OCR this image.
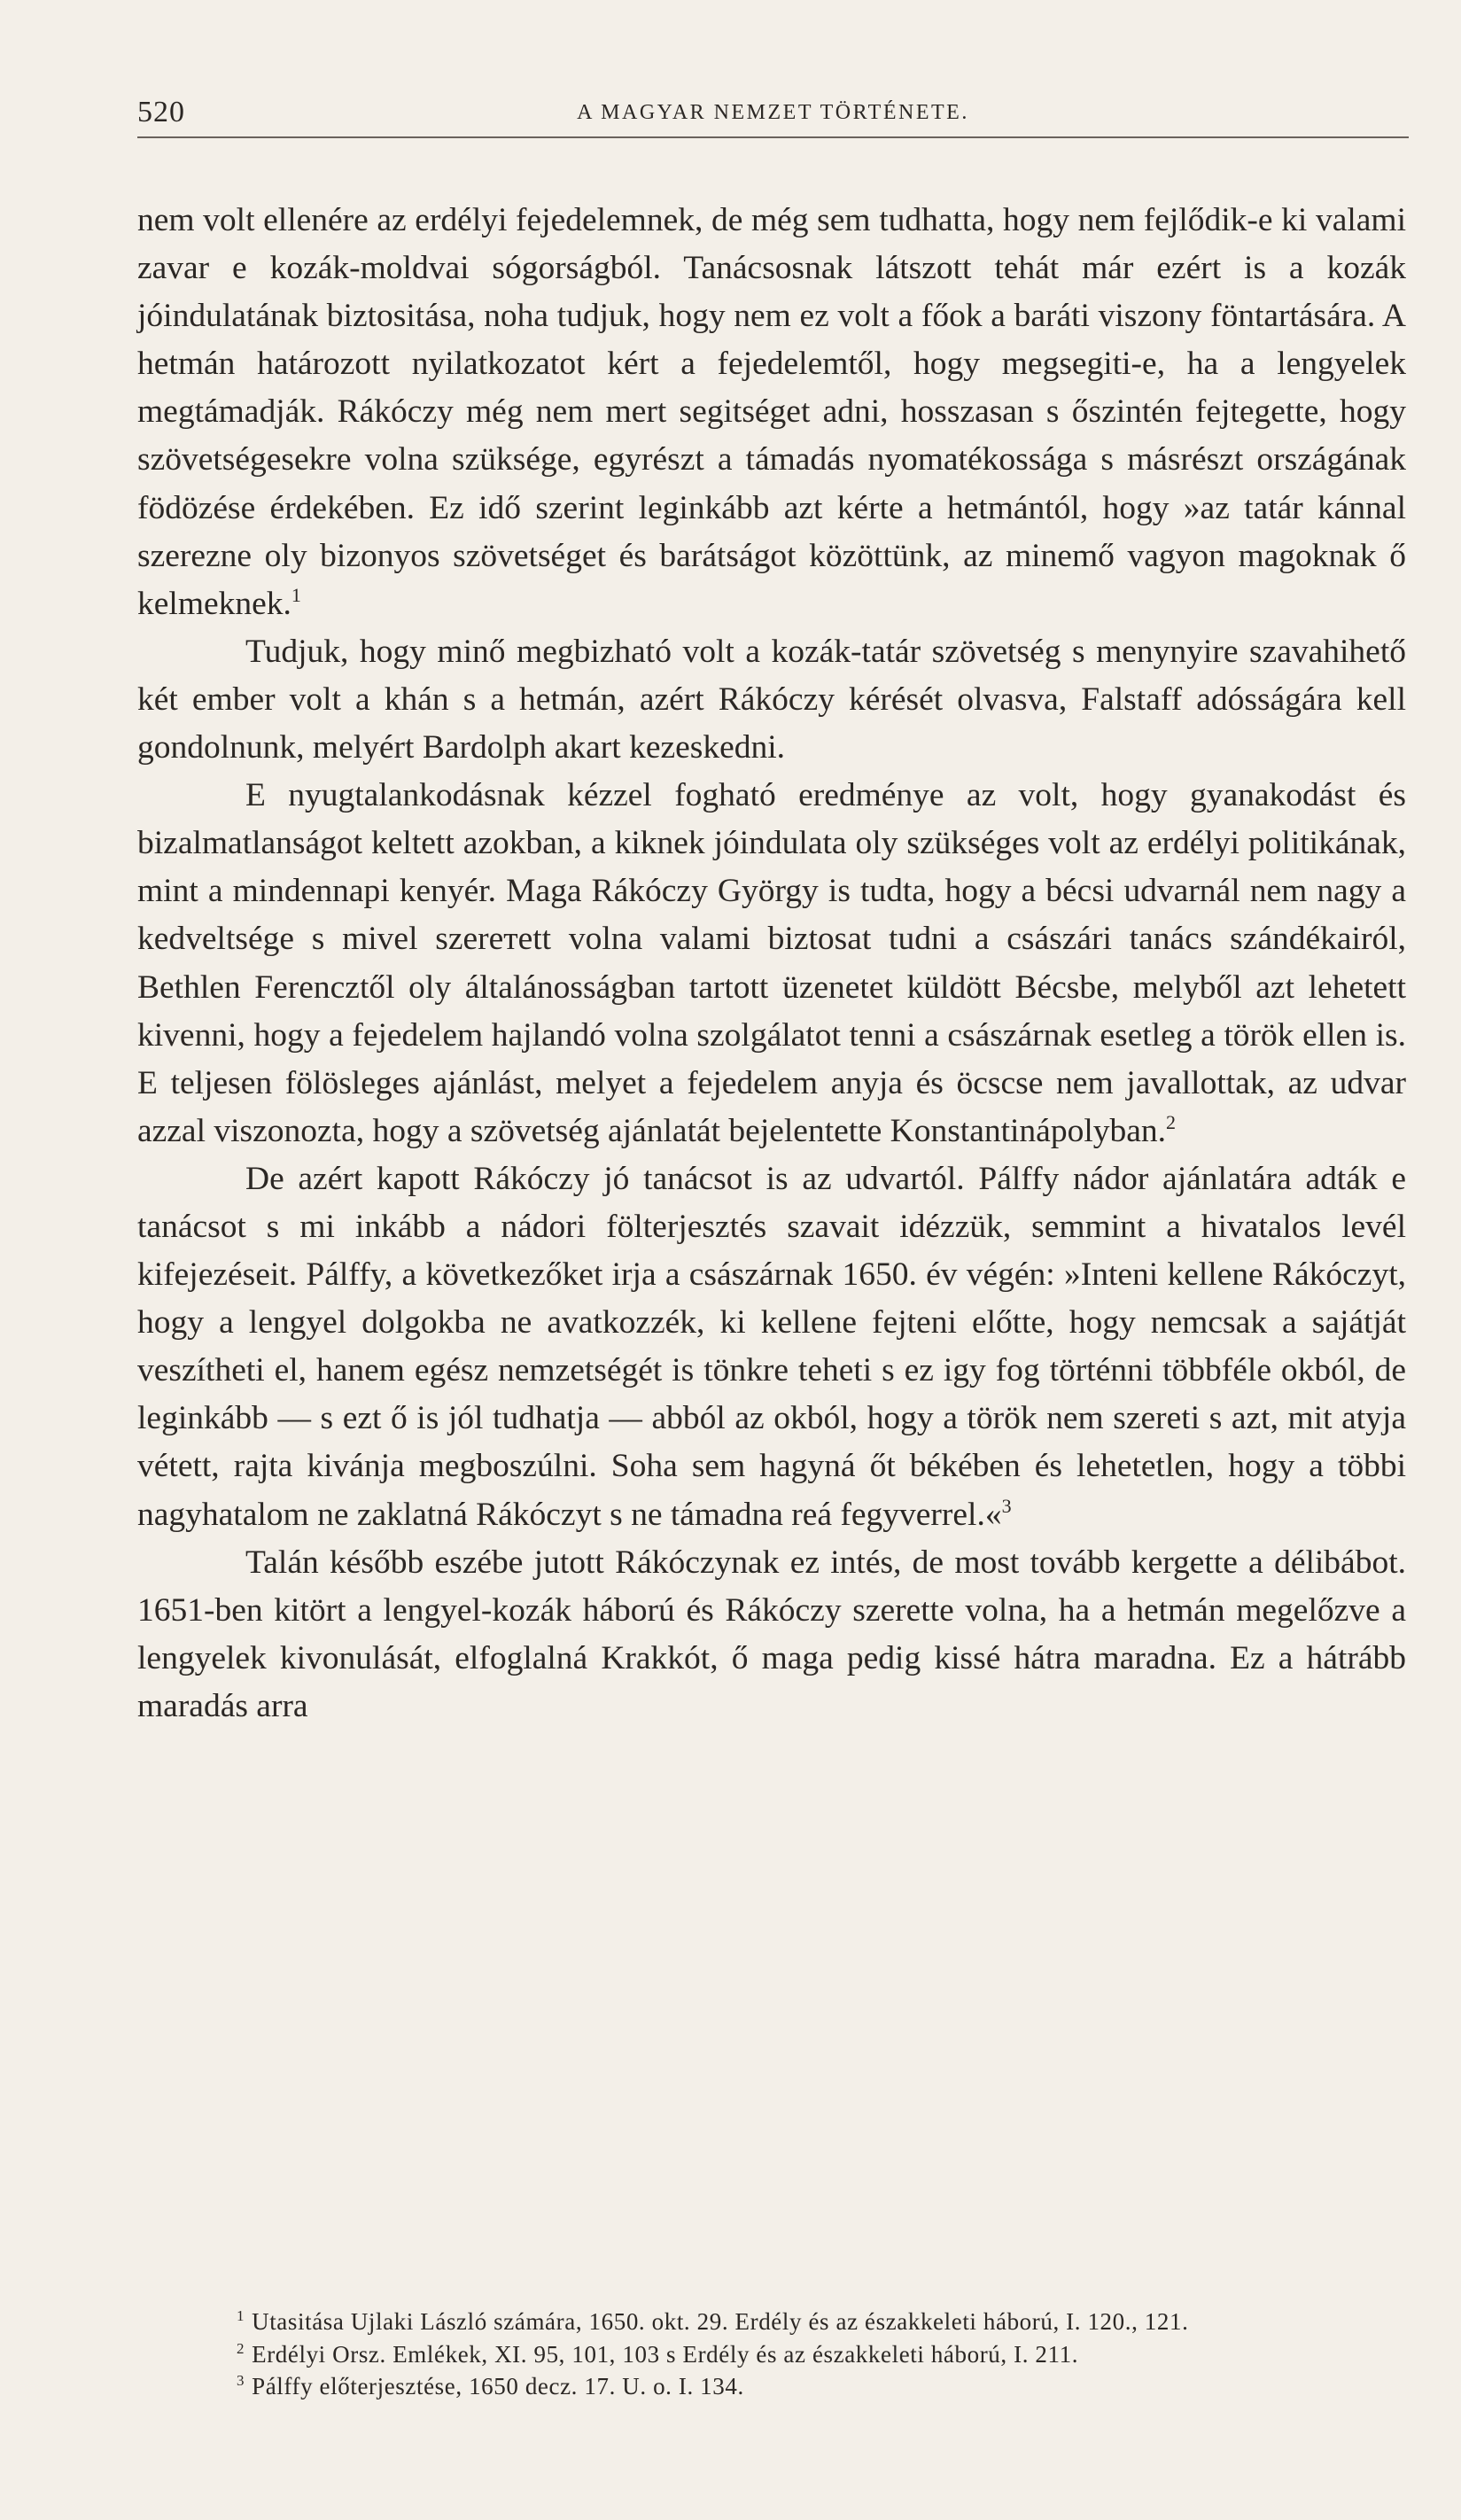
520	A MAGYAR NEMZET TÖRTÉNETE.

nem volt ellenére az erdélyi fejedelemnek, de még sem tudhatta, hogy nem fejlődik-e ki valami zavar e kozák-moldvai sógorságból. Tanácsosnak látszott tehát már ezért is a kozák jóindulatának biztositása, noha tudjuk, hogy nem ez volt a főok a baráti viszony föntartására. A hetmán határozott nyilatkozatot kért a fejedelemtől, hogy megsegiti-e, ha a lengyelek megtámadják. Rákóczy még nem mert segitséget adni, hosszasan s őszintén fejtegette, hogy szövetségesekre volna szüksége, egyrészt a támadás nyomatékossága s másrészt országának födözése érdekében. Ez idő szerint leginkább azt kérte a hetmántól, hogy »az tatár kánnal szerezne oly bizonyos szövetséget és barátságot közöttünk, az minemő vagyon magoknak ő kelmeknek.$^1$

Tudjuk, hogy minő megbizható volt a kozák-tatár szövetség s menynyire szavahihető két ember volt a khán s a hetmán, azért Rákóczy kérését olvasva, Falstaff adósságára kell gondolnunk, melyért Bardolph akart kezeskedni.

E nyugtalankodásnak kézzel fogható eredménye az volt, hogy gyanakodást és bizalmatlanságot keltett azokban, a kiknek jóindulata oly szükséges volt az erdélyi politikának, mint a mindennapi kenyér. Maga Rákóczy György is tudta, hogy a bécsi udvarnál nem nagy a kedveltsége s mivel szerетett volna valami biztosat tudni a császári tanács szándékairól, Bethlen Ferencztől oly általánosságban tartott üzenetet küldött Bécsbe, melyből azt lehetett kivenni, hogy a fejedelem hajlandó volna szolgálatot tenni a császárnak esetleg a török ellen is. E teljesen fölösleges ajánlást, melyet a fejedelem anyja és öcscse nem javallottak, az udvar azzal viszonozta, hogy a szövetség ajánlatát bejelentette Konstantinápolyban.$^2$

De azért kapott Rákóczy jó tanácsot is az udvartól. Pálffy nádor ajánlatára adták e tanácsot s mi inkább a nádori fölterjesztés szavait idézzük, semmint a hivatalos levél kifejezéseit. Pálffy, a következőket irja a császárnak 1650. év végén: »Inteni kellene Rákóczyt, hogy a lengyel dolgokba ne avatkozzék, ki kellene fejteni előtte, hogy nemcsak a sajátját veszítheti el, hanem egész nemzetségét is tönkre teheti s ez igy fog történni többféle okból, de leginkább — s ezt ő is jól tudhatja — abból az okból, hogy a török nem szereti s azt, mit atyja vétett, rajta kivánja megboszúlni. Soha sem hagyná őt békében és lehetetlen, hogy a többi nagyhatalom ne zaklatná Rákóczyt s ne támadna reá fegyverrel.«$^3$

Talán később eszébe jutott Rákóczynak ez intés, de most tovább kergette a délibábot. 1651-ben kitört a lengyel-kozák háború és Rákóczy szerette volna, ha a hetmán megelőzve a lengyelek kivonulását, elfoglalná Krakkót, ő maga pedig kissé hátra maradna. Ez a hátrább maradás arra

$^1$ Utasitása Ujlaki László számára, 1650. okt. 29. Erdély és az északkeleti háború, I. 120., 121.

$^2$ Erdélyi Orsz. Emlékek, XI. 95, 101, 103 s Erdély és az északkeleti háború, I. 211.

$^3$ Pálffy előterjesztése, 1650 decz. 17. U. o. I. 134.
